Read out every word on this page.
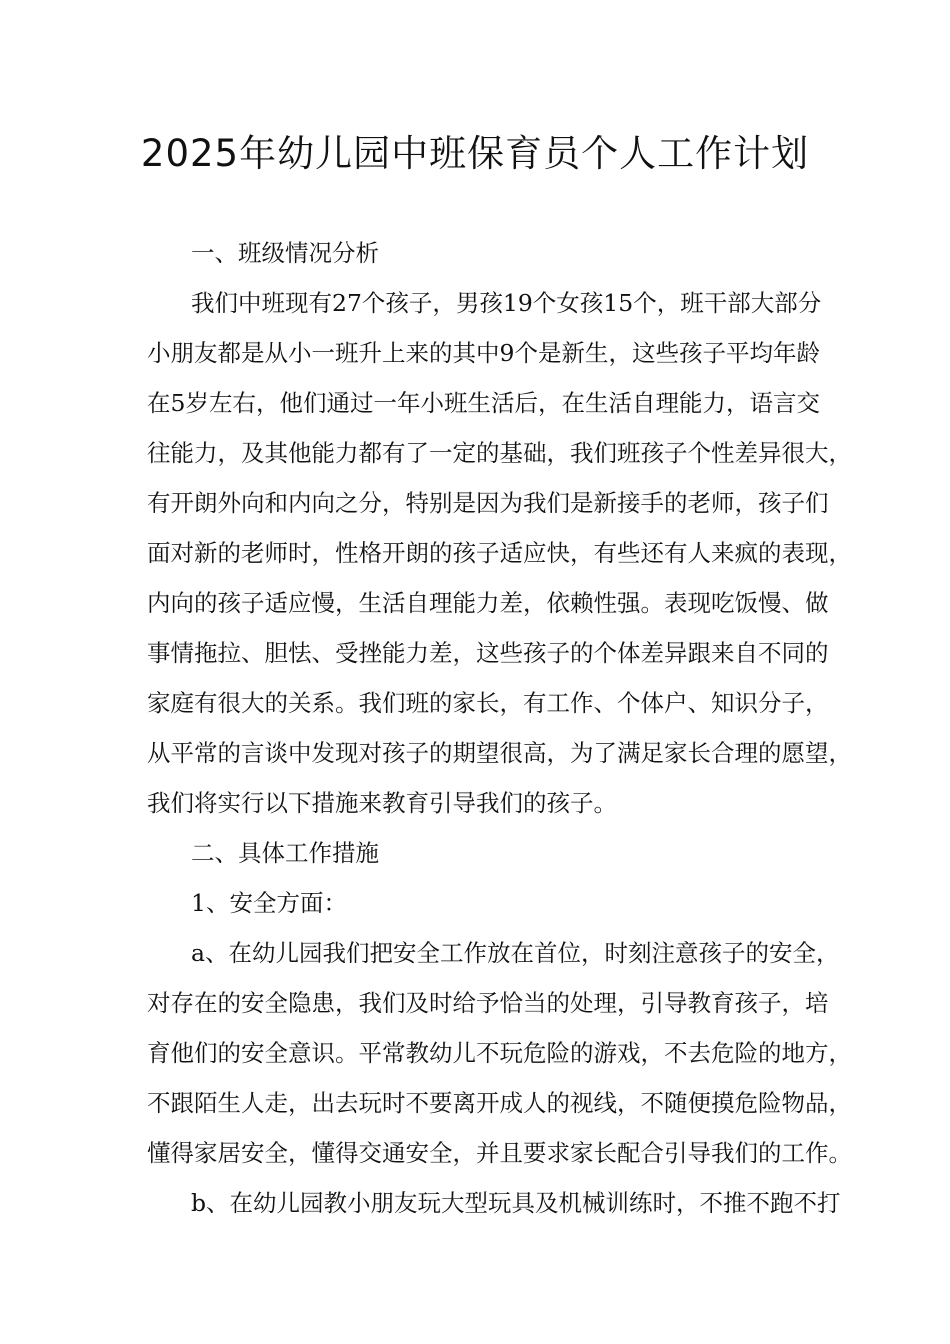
2025年幼儿园中班保育员个人工作计划
一、班级情况分析
我们中班现有27个孩子，男孩19个女孩15个，班干部大部分
小朋友都是从小一班升上来的其中9个是新生，这些孩子平均年龄
在5岁左右，他们通过一年小班生活后，在生活自理能力，语言交
往能力，及其他能力都有了一定的基础，我们班孩子个性差异很大，
有开朗外向和内向之分，特别是因为我们是新接手的老师，孩子们
面对新的老师时，性格开朗的孩子适应快，有些还有人来疯的表现，
内向的孩子适应慢，生活自理能力差，依赖性强。表现吃饭慢、做
事情拖拉、胆怯、受挫能力差，这些孩子的个体差异跟来自不同的
家庭有很大的关系。我们班的家长，有工作、个体户、知识分子，
从平常的言谈中发现对孩子的期望很高，为了满足家长合理的愿望，
我们将实行以下措施来教育引导我们的孩子。
二、具体工作措施
1、安全方面：
a、在幼儿园我们把安全工作放在首位，时刻注意孩子的安全，
对存在的安全隐患，我们及时给予恰当的处理，引导教育孩子，培
育他们的安全意识。平常教幼儿不玩危险的游戏，不去危险的地方，
不跟陌生人走，出去玩时不要离开成人的视线，不随便摸危险物品，
懂得家居安全，懂得交通安全，并且要求家长配合引导我们的工作。
b、在幼儿园教小朋友玩大型玩具及机械训练时，不推不跑不打
